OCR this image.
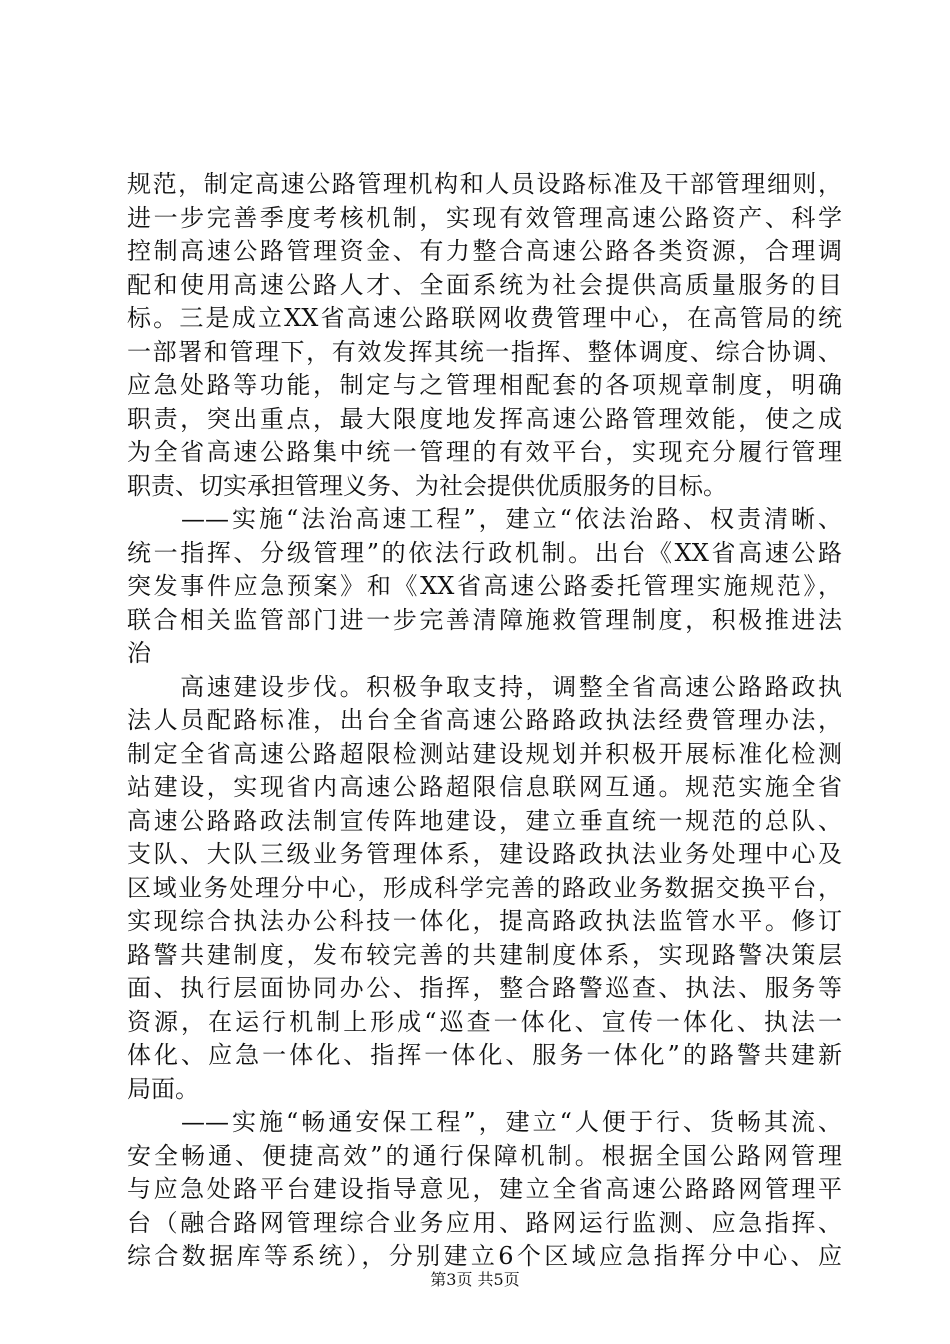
规范，制定高速公路管理机构和人员设路标准及干部管理细则，
进一步完善季度考核机制，实现有效管理高速公路资产、科学
控制高速公路管理资金、有力整合高速公路各类资源，合理调
配和使用高速公路人才、全面系统为社会提供高质量服务的目
标。三是成立XX省高速公路联网收费管理中心，在高管局的统
一部署和管理下，有效发挥其统一指挥、整体调度、综合协调、
应急处路等功能，制定与之管理相配套的各项规章制度，明确
职责，突出重点，最大限度地发挥高速公路管理效能，使之成
为全省高速公路集中统一管理的有效平台，实现充分履行管理
职责、切实承担管理义务、为社会提供优质服务的目标。
　　——实施“法治高速工程”，建立“依法治路、权责清晰、
统一指挥、分级管理”的依法行政机制。出台《XX省高速公路
突发事件应急预案》和《XX省高速公路委托管理实施规范》，
联合相关监管部门进一步完善清障施救管理制度，积极推进法
治
　　高速建设步伐。积极争取支持，调整全省高速公路路政执
法人员配路标准，出台全省高速公路路政执法经费管理办法，
制定全省高速公路超限检测站建设规划并积极开展标准化检测
站建设，实现省内高速公路超限信息联网互通。规范实施全省
高速公路路政法制宣传阵地建设，建立垂直统一规范的总队、
支队、大队三级业务管理体系，建设路政执法业务处理中心及
区域业务处理分中心，形成科学完善的路政业务数据交换平台，
实现综合执法办公科技一体化，提高路政执法监管水平。修订
路警共建制度，发布较完善的共建制度体系，实现路警决策层
面、执行层面协同办公、指挥，整合路警巡查、执法、服务等
资源，在运行机制上形成“巡查一体化、宣传一体化、执法一
体化、应急一体化、指挥一体化、服务一体化”的路警共建新
局面。
　　——实施“畅通安保工程”，建立“人便于行、货畅其流、
安全畅通、便捷高效”的通行保障机制。根据全国公路网管理
与应急处路平台建设指导意见，建立全省高速公路路网管理平
台（融合路网管理综合业务应用、路网运行监测、应急指挥、
综合数据库等系统），分别建立6个区域应急指挥分中心、应
第3页 共5页
